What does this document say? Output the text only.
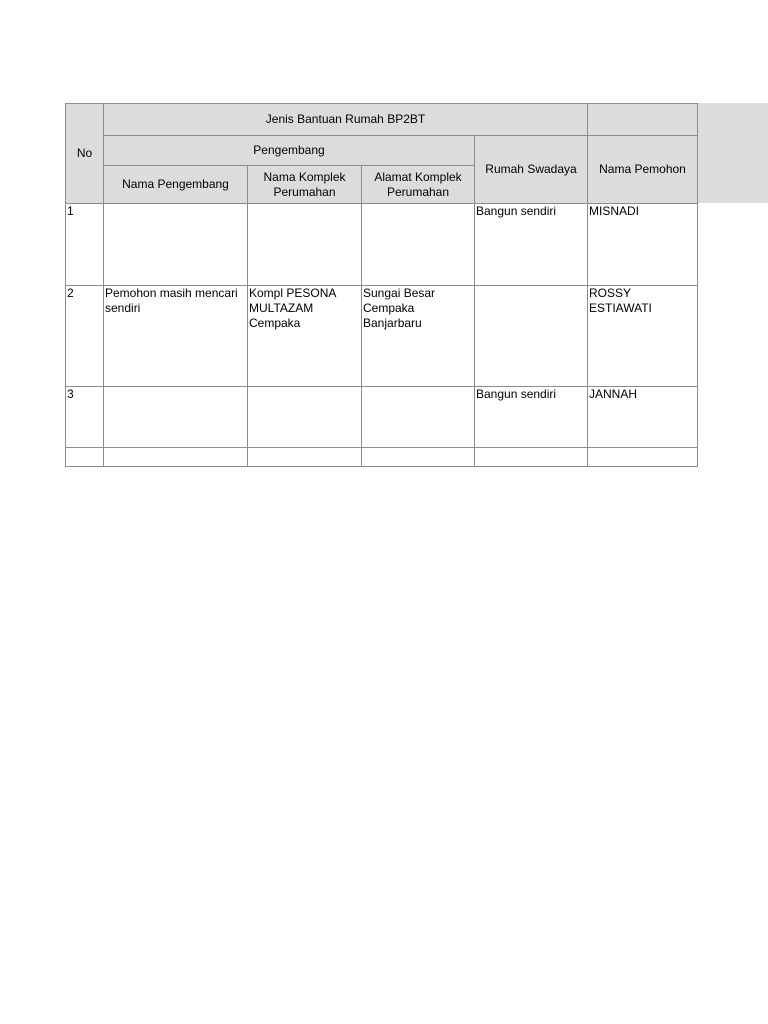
No	Jenis Bantuan Rumah BP2BT				
	Pengembang			Rumah Swadaya	Nama Pemohon
	Nama Pengembang	Nama Komplek Perumahan	Alamat Komplek Perumahan		
1				Bangun sendiri	MISNADI
2	Pemohon masih mencari sendiri	Kompl PESONA MULTAZAM Cempaka	Sungai Besar Cempaka Banjarbaru		ROSSY ESTIAWATI
3				Bangun sendiri	JANNAH
